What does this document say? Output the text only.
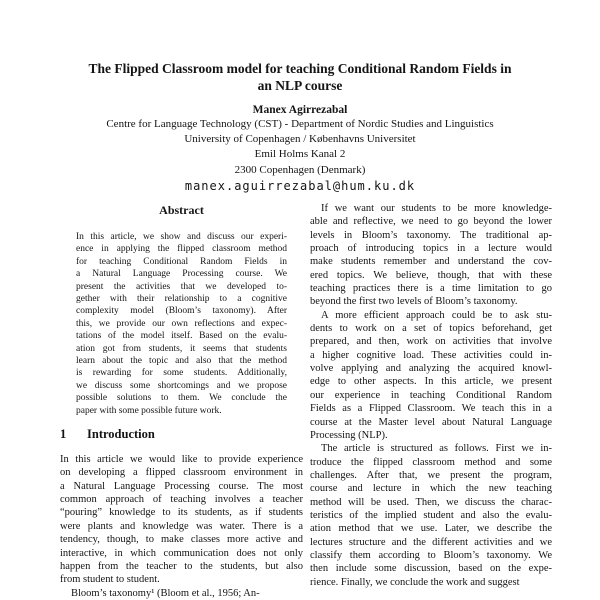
The Flipped Classroom model for teaching Conditional Random Fields in
an NLP course
Manex Agirrezabal
Centre for Language Technology (CST) - Department of Nordic Studies and Linguistics
University of Copenhagen / Københavns Universitet
Emil Holms Kanal 2
2300 Copenhagen (Denmark)
manex.aguirrezabal@hum.ku.dk
Abstract
In this article, we show and discuss our experi-
ence in applying the flipped classroom method
for teaching Conditional Random Fields in
a Natural Language Processing course. We
present the activities that we developed to-
gether with their relationship to a cognitive
complexity model (Bloom’s taxonomy). After
this, we provide our own reflections and expec-
tations of the model itself. Based on the evalu-
ation got from students, it seems that students
learn about the topic and also that the method
is rewarding for some students. Additionally,
we discuss some shortcomings and we propose
possible solutions to them. We conclude the
paper with some possible future work.
1 Introduction
In this article we would like to provide experience
on developing a flipped classroom environment in
a Natural Language Processing course. The most
common approach of teaching involves a teacher
“pouring” knowledge to its students, as if students
were plants and knowledge was water. There is a
tendency, though, to make classes more active and
interactive, in which communication does not only
happen from the teacher to the students, but also
from student to student.
Bloom’s taxonomy¹ (Bloom et al., 1956; An-
If we want our students to be more knowledge-
able and reflective, we need to go beyond the lower
levels in Bloom’s taxonomy. The traditional ap-
proach of introducing topics in a lecture would
make students remember and understand the cov-
ered topics. We believe, though, that with these
teaching practices there is a time limitation to go
beyond the first two levels of Bloom’s taxonomy.
A more efficient approach could be to ask stu-
dents to work on a set of topics beforehand, get
prepared, and then, work on activities that involve
a higher cognitive load. These activities could in-
volve applying and analyzing the acquired knowl-
edge to other aspects. In this article, we present
our experience in teaching Conditional Random
Fields as a Flipped Classroom. We teach this in a
course at the Master level about Natural Language
Processing (NLP).
The article is structured as follows. First we in-
troduce the flipped classroom method and some
challenges. After that, we present the program,
course and lecture in which the new teaching
method will be used. Then, we discuss the charac-
teristics of the implied student and also the evalu-
ation method that we use. Later, we describe the
lectures structure and the different activities and we
classify them according to Bloom’s taxonomy. We
then include some discussion, based on the expe-
rience. Finally, we conclude the work and suggest
